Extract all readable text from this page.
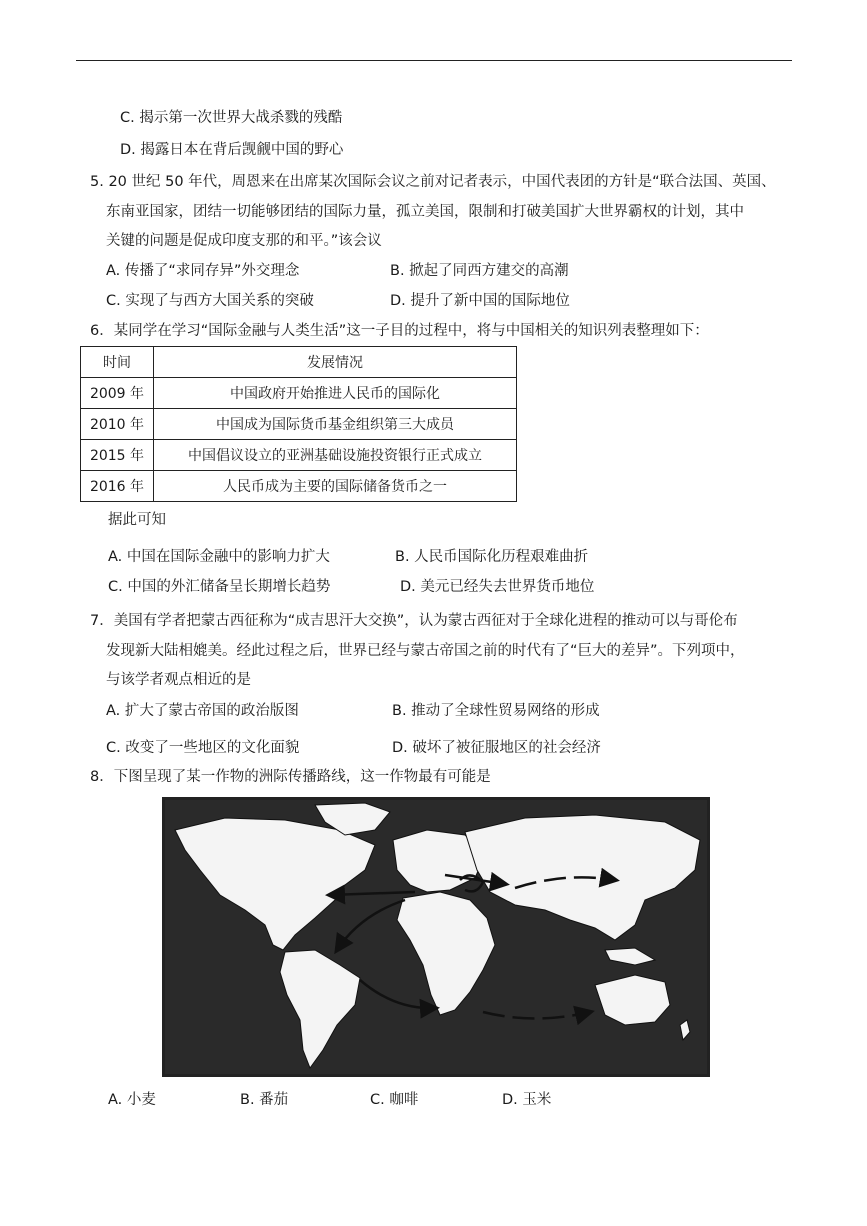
C. 揭示第一次世界大战杀戮的残酷
D. 揭露日本在背后觊觎中国的野心
5. 20 世纪 50 年代，周恩来在出席某次国际会议之前对记者表示，中国代表团的方针是“联合法国、英国、
东南亚国家，团结一切能够团结的国际力量，孤立美国，限制和打破美国扩大世界霸权的计划，其中
关键的问题是促成印度支那的和平。”该会议
A. 传播了“求同存异”外交理念	B. 掀起了同西方建交的高潮
C. 实现了与西方大国关系的突破	D. 提升了新中国的国际地位
6．某同学在学习“国际金融与人类生活”这一子目的过程中，将与中国相关的知识列表整理如下：
时间	发展情况
2009 年	中国政府开始推进人民币的国际化
2010 年	中国成为国际货币基金组织第三大成员
2015 年	中国倡议设立的亚洲基础设施投资银行正式成立
2016 年	人民币成为主要的国际储备货币之一
据此可知
A. 中国在国际金融中的影响力扩大	B. 人民币国际化历程艰难曲折
C. 中国的外汇储备呈长期增长趋势	D. 美元已经失去世界货币地位
7．美国有学者把蒙古西征称为“成吉思汗大交换”，认为蒙古西征对于全球化进程的推动可以与哥伦布
发现新大陆相媲美。经此过程之后，世界已经与蒙古帝国之前的时代有了“巨大的差异”。下列项中，
与该学者观点相近的是
A. 扩大了蒙古帝国的政治版图	B. 推动了全球性贸易网络的形成
C. 改变了一些地区的文化面貌	D. 破坏了被征服地区的社会经济
8．下图呈现了某一作物的洲际传播路线，这一作物最有可能是
A. 小麦	B. 番茄	C. 咖啡	D. 玉米
